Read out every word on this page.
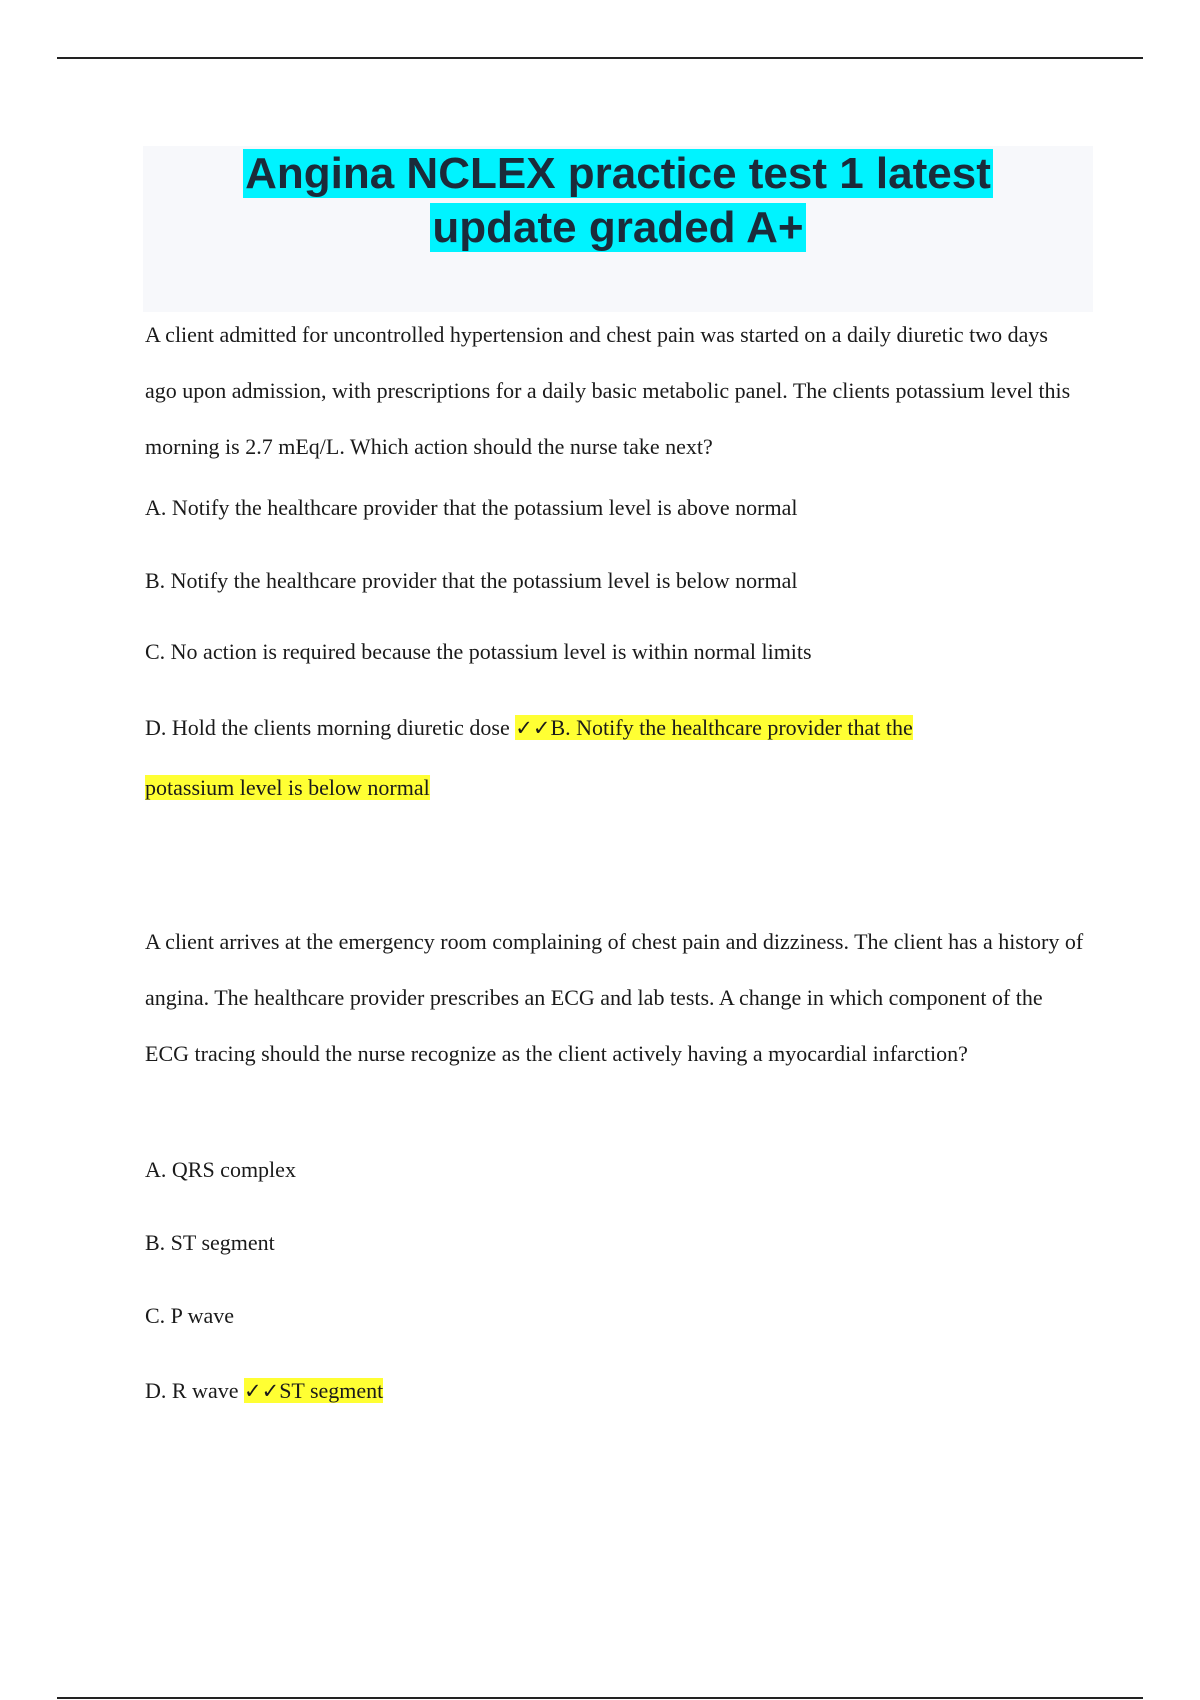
Angina NCLEX practice test 1 latest
update graded A+
A client admitted for uncontrolled hypertension and chest pain was started on a daily diuretic two days ago upon admission, with prescriptions for a daily basic metabolic panel. The clients potassium level this morning is 2.7 mEq/L. Which action should the nurse take next?
A. Notify the healthcare provider that the potassium level is above normal
B. Notify the healthcare provider that the potassium level is below normal
C. No action is required because the potassium level is within normal limits
D. Hold the clients morning diuretic dose ✓✓B. Notify the healthcare provider that the
potassium level is below normal
A client arrives at the emergency room complaining of chest pain and dizziness. The client has a history of angina. The healthcare provider prescribes an ECG and lab tests. A change in which component of the ECG tracing should the nurse recognize as the client actively having a myocardial infarction?
A. QRS complex
B. ST segment
C. P wave
D. R wave ✓✓ST segment
